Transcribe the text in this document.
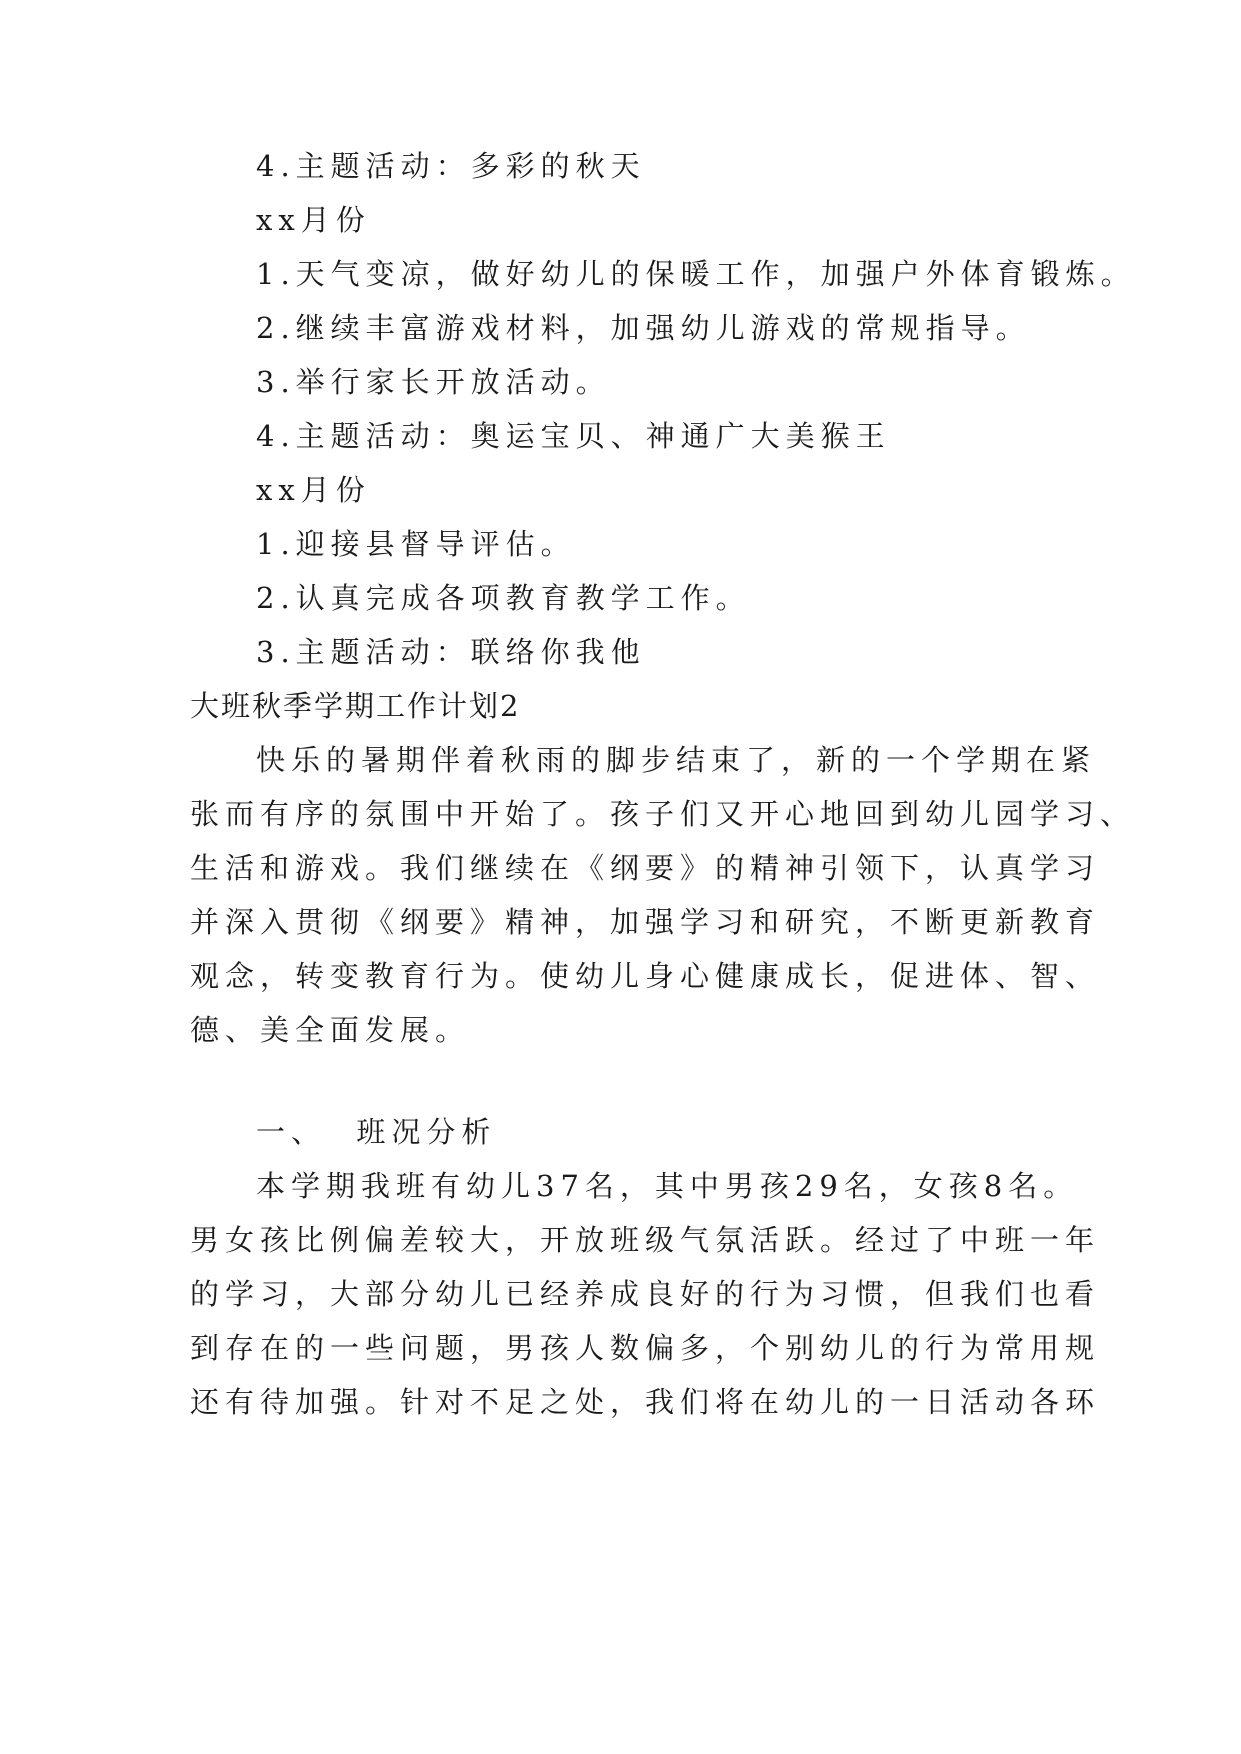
4.主题活动：多彩的秋天
xx月份
1.天气变凉，做好幼儿的保暖工作，加强户外体育锻炼。
2.继续丰富游戏材料，加强幼儿游戏的常规指导。
3.举行家长开放活动。
4.主题活动：奥运宝贝、神通广大美猴王
xx月份
1.迎接县督导评估。
2.认真完成各项教育教学工作。
3.主题活动：联络你我他
大班秋季学期工作计划2
快乐的暑期伴着秋雨的脚步结束了，新的一个学期在紧
张而有序的氛围中开始了。孩子们又开心地回到幼儿园学习、
生活和游戏。我们继续在《纲要》的精神引领下，认真学习
并深入贯彻《纲要》精神，加强学习和研究，不断更新教育
观念，转变教育行为。使幼儿身心健康成长，促进体、智、
德、美全面发展。
一、  班况分析
本学期我班有幼儿37名，其中男孩29名，女孩8名。
男女孩比例偏差较大，开放班级气氛活跃。经过了中班一年
的学习，大部分幼儿已经养成良好的行为习惯，但我们也看
到存在的一些问题，男孩人数偏多，个别幼儿的行为常用规
还有待加强。针对不足之处，我们将在幼儿的一日活动各环
